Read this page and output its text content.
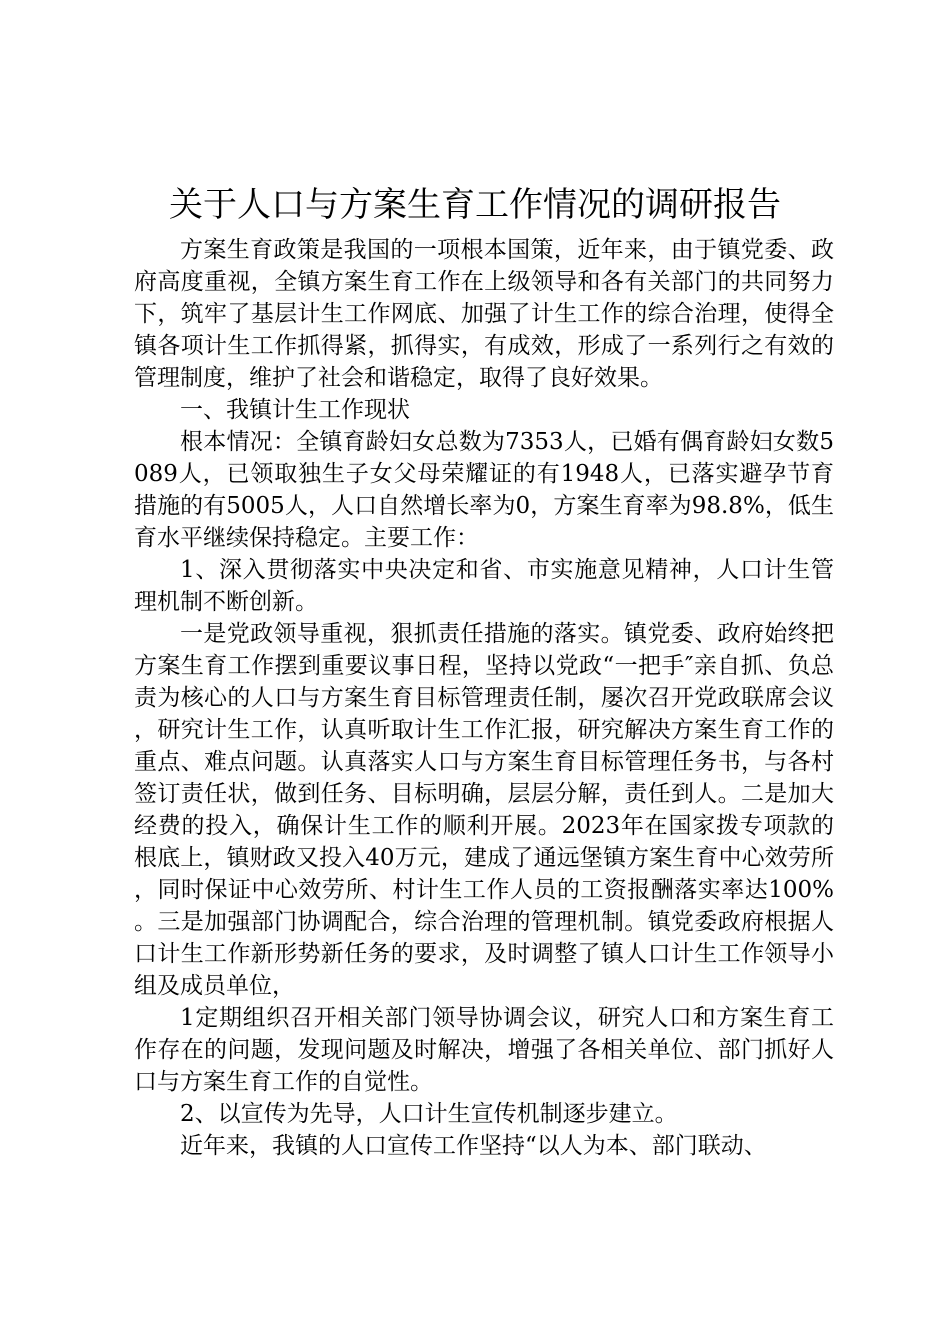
关于人口与方案生育工作情况的调研报告

方案生育政策是我国的一项根本国策，近年来，由于镇党委、政府高度重视，全镇方案生育工作在上级领导和各有关部门的共同努力下，筑牢了基层计生工作网底、加强了计生工作的综合治理，使得全镇各项计生工作抓得紧，抓得实，有成效，形成了一系列行之有效的管理制度，维护了社会和谐稳定，取得了良好效果。

一、我镇计生工作现状

根本情况：全镇育龄妇女总数为7353人，已婚有偶育龄妇女数5089人，已领取独生子女父母荣耀证的有1948人，已落实避孕节育措施的有5005人，人口自然增长率为0，方案生育率为98.8%，低生育水平继续保持稳定。主要工作：

1、深入贯彻落实中央决定和省、市实施意见精神，人口计生管理机制不断创新。

一是党政领导重视，狠抓责任措施的落实。镇党委、政府始终把方案生育工作摆到重要议事日程，坚持以党政“一把手″亲自抓、负总责为核心的人口与方案生育目标管理责任制，屡次召开党政联席会议，研究计生工作，认真听取计生工作汇报，研究解决方案生育工作的重点、难点问题。认真落实人口与方案生育目标管理任务书，与各村签订责任状，做到任务、目标明确，层层分解，责任到人。二是加大经费的投入，确保计生工作的顺利开展。2023年在国家拨专项款的根底上，镇财政又投入40万元，建成了通远堡镇方案生育中心效劳所，同时保证中心效劳所、村计生工作人员的工资报酬落实率达100%。三是加强部门协调配合，综合治理的管理机制。镇党委政府根据人口计生工作新形势新任务的要求，及时调整了镇人口计生工作领导小组及成员单位，

1定期组织召开相关部门领导协调会议，研究人口和方案生育工作存在的问题，发现问题及时解决，增强了各相关单位、部门抓好人口与方案生育工作的自觉性。

2、以宣传为先导，人口计生宣传机制逐步建立。

近年来，我镇的人口宣传工作坚持“以人为本、部门联动、
